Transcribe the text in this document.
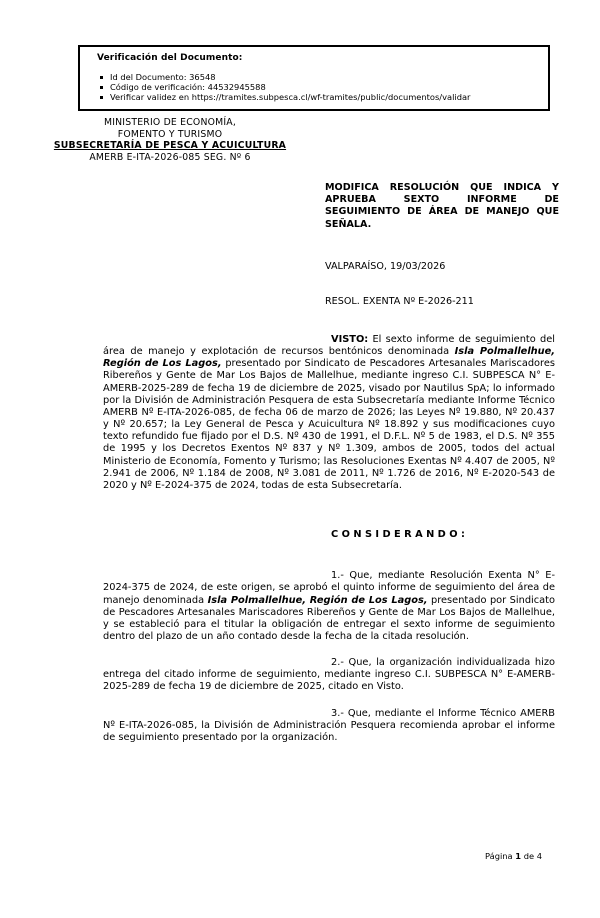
Verificación del Documento:
Id del Documento: 36548
Código de verificación: 44532945588
Verificar validez en https://tramites.subpesca.cl/wf-tramites/public/documentos/validar
MINISTERIO DE ECONOMÍA,
FOMENTO Y TURISMO
SUBSECRETARÍA DE PESCA Y ACUICULTURA
AMERB E-ITA-2026-085 SEG. Nº 6
MODIFICA RESOLUCIÓN QUE INDICA Y APRUEBA SEXTO INFORME DE SEGUIMIENTO DE ÁREA DE MANEJO QUE SEÑALA.
VALPARAÍSO, 19/03/2026
RESOL. EXENTA Nº E-2026-211

VISTO: El sexto informe de seguimiento del área de manejo y explotación de recursos bentónicos denominada Isla Polmallelhue, Región de Los Lagos, presentado por Sindicato de Pescadores Artesanales Mariscadores Ribereños y Gente de Mar Los Bajos de Mallelhue, mediante ingreso C.I. SUBPESCA N° E-AMERB-2025-289 de fecha 19 de diciembre de 2025, visado por Nautilus SpA; lo informado por la División de Administración Pesquera de esta Subsecretaría mediante Informe Técnico AMERB Nº E-ITA-2026-085, de fecha 06 de marzo de 2026; las Leyes Nº 19.880, Nº 20.437 y Nº 20.657; la Ley General de Pesca y Acuicultura Nº 18.892 y sus modificaciones cuyo texto refundido fue fijado por el D.S. Nº 430 de 1991, el D.F.L. Nº 5 de 1983, el D.S. Nº 355 de 1995 y los Decretos Exentos Nº 837 y Nº 1.309, ambos de 2005, todos del actual Ministerio de Economía, Fomento y Turismo; las Resoluciones Exentas Nº 4.407 de 2005, Nº 2.941 de 2006, Nº 1.184 de 2008, Nº 3.081 de 2011, Nº 1.726 de 2016, Nº E-2020-543 de 2020 y Nº E-2024-375 de 2024, todas de esta Subsecretaría.

C O N S I D E R A N D O :

1.- Que, mediante Resolución Exenta N° E-2024-375 de 2024, de este origen, se aprobó el quinto informe de seguimiento del área de manejo denominada Isla Polmallelhue, Región de Los Lagos, presentado por Sindicato de Pescadores Artesanales Mariscadores Ribereños y Gente de Mar Los Bajos de Mallelhue, y se estableció para el titular la obligación de entregar el sexto informe de seguimiento dentro del plazo de un año contado desde la fecha de la citada resolución.

2.- Que, la organización individualizada hizo entrega del citado informe de seguimiento, mediante ingreso C.I. SUBPESCA N° E-AMERB-2025-289 de fecha 19 de diciembre de 2025, citado en Visto.

3.- Que, mediante el Informe Técnico AMERB Nº E-ITA-2026-085, la División de Administración Pesquera recomienda aprobar el informe de seguimiento presentado por la organización.

Página 1 de 4
